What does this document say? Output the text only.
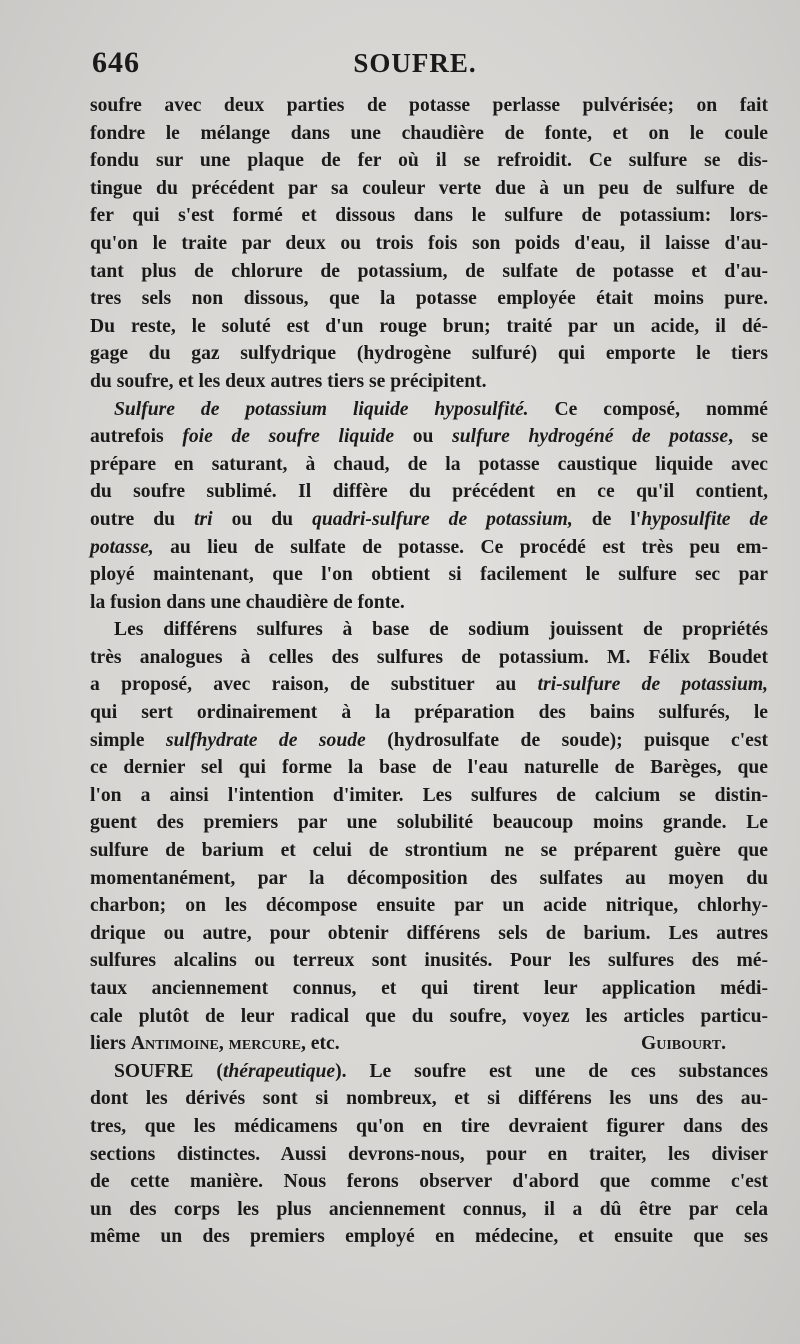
646	SOUFRE.
soufre avec deux parties de potasse perlasse pulvérisée; on fait
fondre le mélange dans une chaudière de fonte, et on le coule
fondu sur une plaque de fer où il se refroidit. Ce sulfure se dis-
tingue du précédent par sa couleur verte due à un peu de sulfure de
fer qui s'est formé et dissous dans le sulfure de potassium: lors-
qu'on le traite par deux ou trois fois son poids d'eau, il laisse d'au-
tant plus de chlorure de potassium, de sulfate de potasse et d'au-
tres sels non dissous, que la potasse employée était moins pure.
Du reste, le soluté est d'un rouge brun; traité par un acide, il dé-
gage du gaz sulfydrique (hydrogène sulfuré) qui emporte le tiers
du soufre, et les deux autres tiers se précipitent.
Sulfure de potassium liquide hyposulfité. Ce composé, nommé
autrefois foie de soufre liquide ou sulfure hydrogéné de potasse, se
prépare en saturant, à chaud, de la potasse caustique liquide avec
du soufre sublimé. Il diffère du précédent en ce qu'il contient,
outre du tri ou du quadri-sulfure de potassium, de l'hyposulfite de
potasse, au lieu de sulfate de potasse. Ce procédé est très peu em-
ployé maintenant, que l'on obtient si facilement le sulfure sec par
la fusion dans une chaudière de fonte.
Les différens sulfures à base de sodium jouissent de propriétés
très analogues à celles des sulfures de potassium. M. Félix Boudet
a proposé, avec raison, de substituer au tri-sulfure de potassium,
qui sert ordinairement à la préparation des bains sulfurés, le
simple sulfhydrate de soude (hydrosulfate de soude); puisque c'est
ce dernier sel qui forme la base de l'eau naturelle de Barèges, que
l'on a ainsi l'intention d'imiter. Les sulfures de calcium se distin-
guent des premiers par une solubilité beaucoup moins grande. Le
sulfure de barium et celui de strontium ne se préparent guère que
momentanément, par la décomposition des sulfates au moyen du
charbon; on les décompose ensuite par un acide nitrique, chlorhy-
drique ou autre, pour obtenir différens sels de barium. Les autres
sulfures alcalins ou terreux sont inusités. Pour les sulfures des mé-
taux anciennement connus, et qui tirent leur application médi-
cale plutôt de leur radical que du soufre, voyez les articles particu-
liers Antimoine, mercure, etc.	Guibourt.
SOUFRE (thérapeutique). Le soufre est une de ces substances
dont les dérivés sont si nombreux, et si différens les uns des au-
tres, que les médicamens qu'on en tire devraient figurer dans des
sections distinctes. Aussi devrons-nous, pour en traiter, les diviser
de cette manière. Nous ferons observer d'abord que comme c'est
un des corps les plus anciennement connus, il a dû être par cela
même un des premiers employé en médecine, et ensuite que ses
